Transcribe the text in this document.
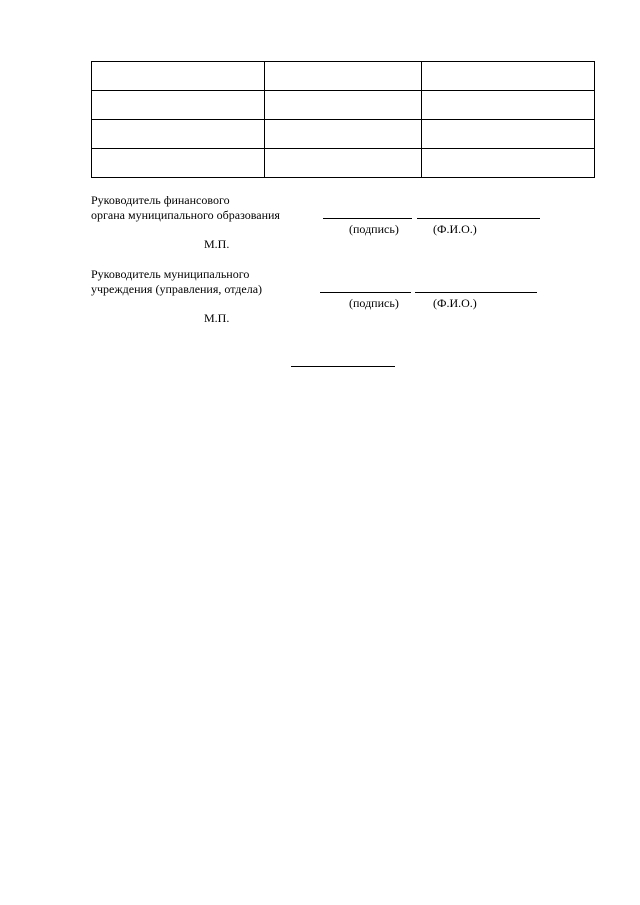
Руководитель финансового
органа муниципального образования
(подпись)	(Ф.И.О.)
М.П.
Руководитель муниципального
учреждения (управления, отдела)
(подпись)	(Ф.И.О.)
М.П.
